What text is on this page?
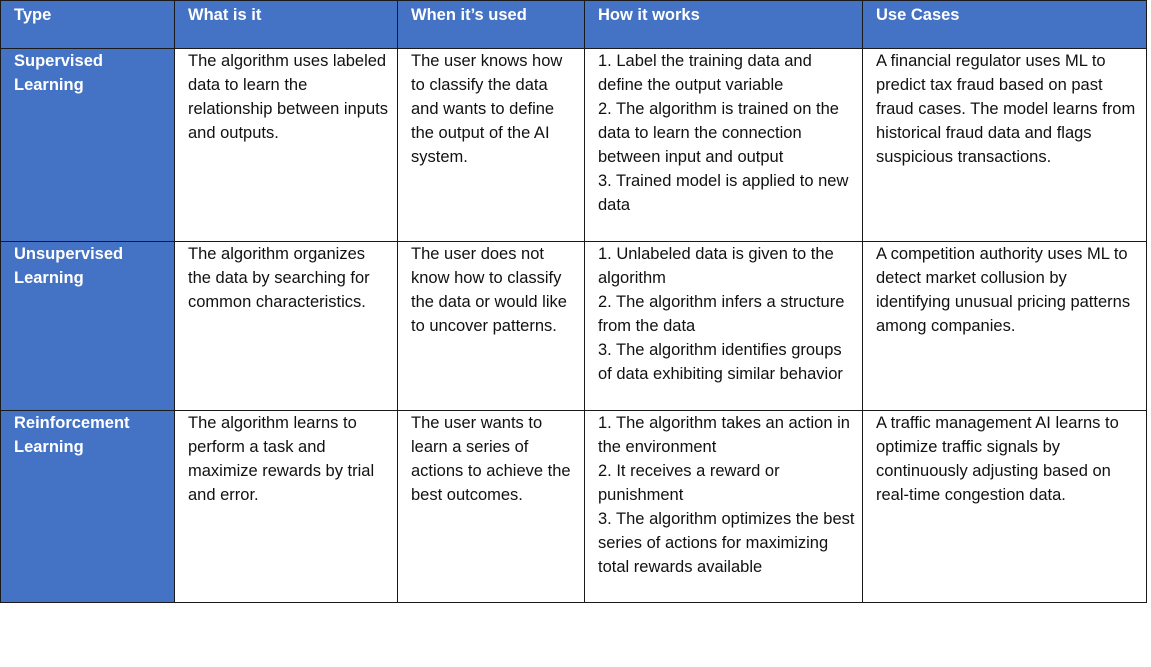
Type	What is it	When it’s used	How it works	Use Cases
Supervised Learning	The algorithm uses labeled data to learn the relationship between inputs and outputs.	The user knows how to classify the data and wants to define the output of the AI system.	1. Label the training data and define the output variable
2. The algorithm is trained on the data to learn the connection between input and output
3. Trained model is applied to new data	A financial regulator uses ML to predict tax fraud based on past fraud cases. The model learns from historical fraud data and flags suspicious transactions.
Unsupervised Learning	The algorithm organizes the data by searching for common characteristics.	The user does not know how to classify the data or would like to uncover patterns.	1. Unlabeled data is given to the algorithm
2. The algorithm infers a structure from the data
3. The algorithm identifies groups of data exhibiting similar behavior	A competition authority uses ML to detect market collusion by identifying unusual pricing patterns among companies.
Reinforcement Learning	The algorithm learns to perform a task and maximize rewards by trial and error.	The user wants to learn a series of actions to achieve the best outcomes.	1. The algorithm takes an action in the environment
2. It receives a reward or punishment
3. The algorithm optimizes the best series of actions for maximizing total rewards available	A traffic management AI learns to optimize traffic signals by continuously adjusting based on real-time congestion data.
